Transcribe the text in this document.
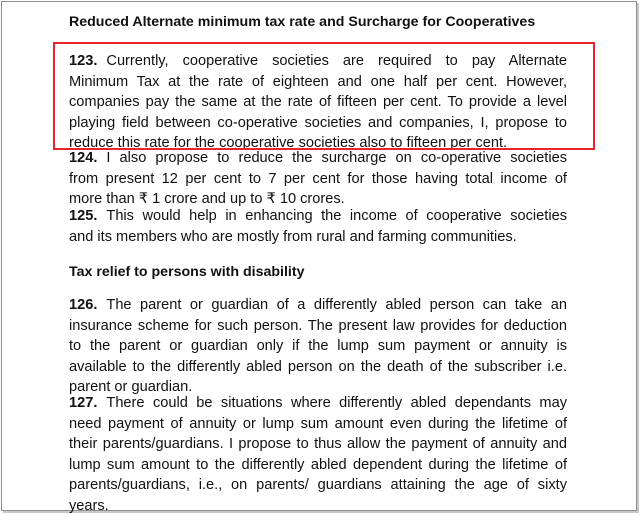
Reduced Alternate minimum tax rate and Surcharge for Cooperatives
123. Currently, cooperative societies are required to pay Alternate
Minimum Tax at the rate of eighteen and one half per cent. However,
companies pay the same at the rate of fifteen per cent. To provide a level
playing field between co-operative societies and companies, I, propose to
reduce this rate for the cooperative societies also to fifteen per cent.
124. I also propose to reduce the surcharge on co-operative societies
from present 12 per cent to 7 per cent for those having total income of
more than ₹ 1 crore and up to ₹ 10 crores.
125. This would help in enhancing the income of cooperative societies
and its members who are mostly from rural and farming communities.
Tax relief to persons with disability
126. The parent or guardian of a differently abled person can take an
insurance scheme for such person. The present law provides for deduction
to the parent or guardian only if the lump sum payment or annuity is
available to the differently abled person on the death of the subscriber i.e.
parent or guardian.
127. There could be situations where differently abled dependants may
need payment of annuity or lump sum amount even during the lifetime of
their parents/guardians. I propose to thus allow the payment of annuity and
lump sum amount to the differently abled dependent during the lifetime of
parents/guardians, i.e., on parents/ guardians attaining the age of sixty
years.
